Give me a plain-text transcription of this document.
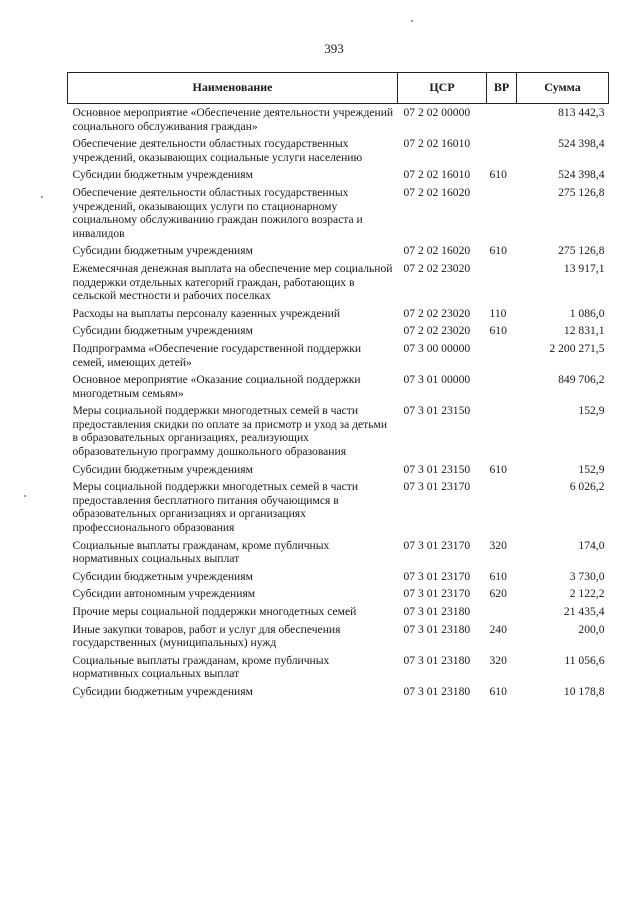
393
Наименование	ЦСР	ВР	Сумма
Основное мероприятие «Обеспечение деятельности учреждений социального обслуживания граждан»	07 2 02 00000		813 442,3
Обеспечение деятельности областных государственных учреждений, оказывающих социальные услуги населению	07 2 02 16010		524 398,4
Субсидии бюджетным учреждениям	07 2 02 16010	610	524 398,4
Обеспечение деятельности областных государственных учреждений, оказывающих услуги по стационарному социальному обслуживанию граждан пожилого возраста и инвалидов	07 2 02 16020		275 126,8
Субсидии бюджетным учреждениям	07 2 02 16020	610	275 126,8
Ежемесячная денежная выплата на обеспечение мер социальной поддержки отдельных категорий граждан, работающих в сельской местности и рабочих поселках	07 2 02 23020		13 917,1
Расходы на выплаты персоналу казенных учреждений	07 2 02 23020	110	1 086,0
Субсидии бюджетным учреждениям	07 2 02 23020	610	12 831,1
Подпрограмма «Обеспечение государственной поддержки семей, имеющих детей»	07 3 00 00000		2 200 271,5
Основное мероприятие «Оказание социальной поддержки многодетным семьям»	07 3 01 00000		849 706,2
Меры социальной поддержки многодетных семей в части предоставления скидки по оплате за присмотр и уход за детьми в образовательных организациях, реализующих образовательную программу дошкольного образования	07 3 01 23150		152,9
Субсидии бюджетным учреждениям	07 3 01 23150	610	152,9
Меры социальной поддержки многодетных семей в части предоставления бесплатного питания обучающимся в образовательных организациях и организациях профессионального образования	07 3 01 23170		6 026,2
Социальные выплаты гражданам, кроме публичных нормативных социальных выплат	07 3 01 23170	320	174,0
Субсидии бюджетным учреждениям	07 3 01 23170	610	3 730,0
Субсидии автономным учреждениям	07 3 01 23170	620	2 122,2
Прочие меры социальной поддержки многодетных семей	07 3 01 23180		21 435,4
Иные закупки товаров, работ и услуг для обеспечения государственных (муниципальных) нужд	07 3 01 23180	240	200,0
Социальные выплаты гражданам, кроме публичных нормативных социальных выплат	07 3 01 23180	320	11 056,6
Субсидии бюджетным учреждениям	07 3 01 23180	610	10 178,8
